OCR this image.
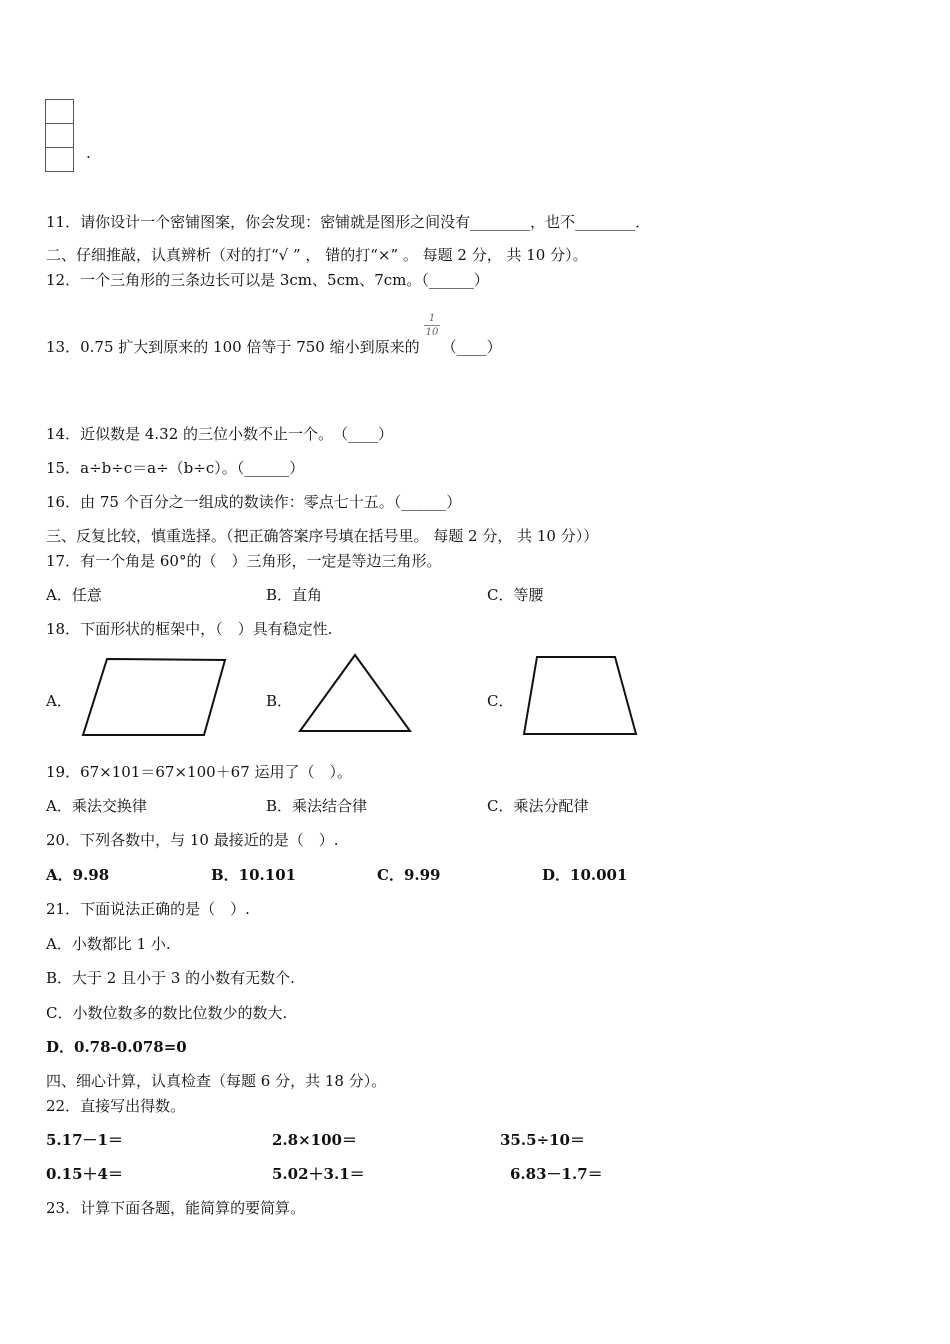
.
11．请你设计一个密铺图案，你会发现：密铺就是图形之间没有________，也不________．
二、仔细推敲，认真辨析（对的打“√ ” ， 错的打“×” 。 每题 2 分， 共 10 分）。
12．一个三角形的三条边长可以是 3cm、5cm、7cm。（______）
13．0.75 扩大到原来的 100 倍等于 750 缩小到原来的 （____）
1
10
14．近似数是 4.32 的三位小数不止一个。　（____）
15．a÷b÷c＝a÷（b÷c）。（______）
16．由 75 个百分之一组成的数读作：零点七十五。（______）
三、反复比较，慎重选择。（把正确答案序号填在括号里。 每题 2 分， 共 10 分））
17．有一个角是 60°的（　）三角形，一定是等边三角形。
A．任意	B．直角	C．等腰
18．下面形状的框架中，（　）具有稳定性.
A．	B．	C．
19．67×101＝67×100＋67 运用了（　）。
A．乘法交换律	B．乘法结合律	C．乘法分配律
20．下列各数中，与 10 最接近的是（　）.
A．9.98	B．10.101	C．9.99	D．10.001
21．下面说法正确的是（　）.
A．小数都比 1 小.
B．大于 2 且小于 3 的小数有无数个.
C．小数位数多的数比位数少的数大.
D．0.78-0.078=0
四、细心计算，认真检查（每题 6 分，共 18 分）。
22．直接写出得数。
5.17－1＝	2.8×100＝	35.5÷10＝
0.15＋4＝	5.02＋3.1＝	6.83－1.7＝
23．计算下面各题，能简算的要简算。
